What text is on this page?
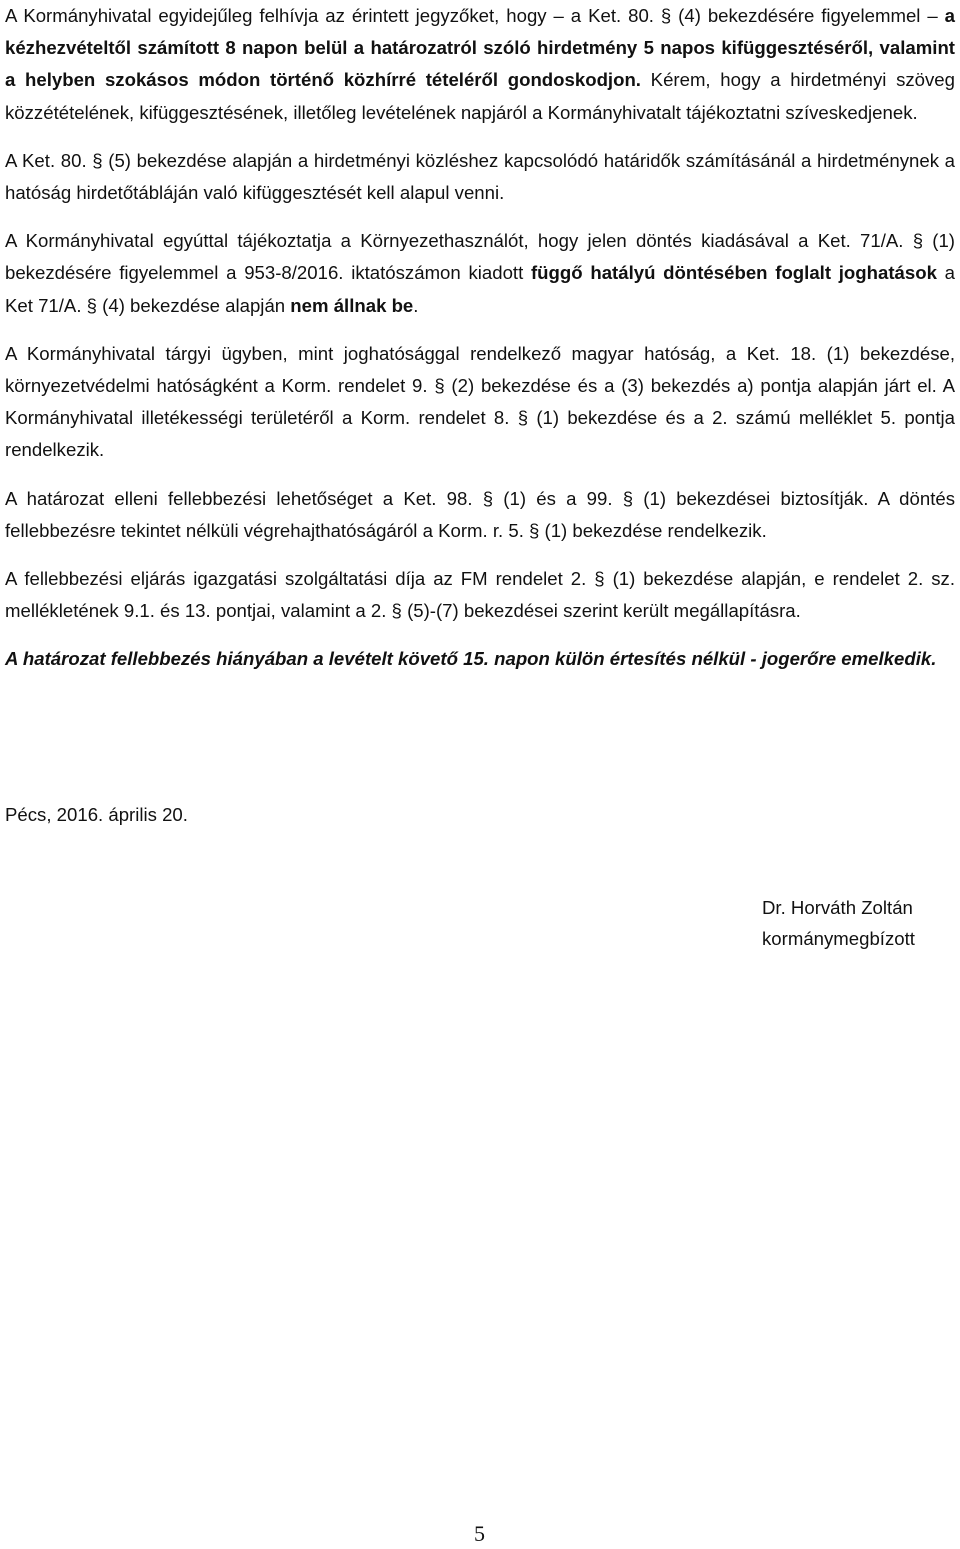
A Kormányhivatal egyidejűleg felhívja az érintett jegyzőket, hogy – a Ket. 80. § (4) bekezdésére figyelemmel – a kézhezvételtől számított 8 napon belül a határozatról szóló hirdetmény 5 napos kifüggesztéséről, valamint a helyben szokásos módon történő közhírré tételéről gondoskodjon. Kérem, hogy a hirdetményi szöveg közzétételének, kifüggesztésének, illetőleg levételének napjáról a Kormányhivatalt tájékoztatni szíveskedjenek.

A Ket. 80. § (5) bekezdése alapján a hirdetményi közléshez kapcsolódó határidők számításánál a hirdetménynek a hatóság hirdetőtábláján való kifüggesztését kell alapul venni.

A Kormányhivatal egyúttal tájékoztatja a Környezethasználót, hogy jelen döntés kiadásával a Ket. 71/A. § (1) bekezdésére figyelemmel a 953-8/2016. iktatószámon kiadott függő hatályú döntésében foglalt joghatások a Ket 71/A. § (4) bekezdése alapján nem állnak be.

A Kormányhivatal tárgyi ügyben, mint joghatósággal rendelkező magyar hatóság, a Ket. 18. (1) bekezdése, környezetvédelmi hatóságként a Korm. rendelet 9. § (2) bekezdése és a (3) bekezdés a) pontja alapján járt el. A Kormányhivatal illetékességi területéről a Korm. rendelet 8. § (1) bekezdése és a 2. számú melléklet 5. pontja rendelkezik.

A határozat elleni fellebbezési lehetőséget a Ket. 98. § (1) és a 99. § (1) bekezdései biztosítják. A döntés fellebbezésre tekintet nélküli végrehajthatóságáról a Korm. r. 5. § (1) bekezdése rendelkezik.

A fellebbezési eljárás igazgatási szolgáltatási díja az FM rendelet 2. § (1) bekezdése alapján, e rendelet 2. sz. mellékletének 9.1. és 13. pontjai, valamint a 2. § (5)-(7) bekezdései szerint került megállapításra.

A határozat fellebbezés hiányában a levételt követő 15. napon külön értesítés nélkül - jogerőre emelkedik.

Pécs, 2016. április 20.

Dr. Horváth Zoltán
kormánymegbízott
5
